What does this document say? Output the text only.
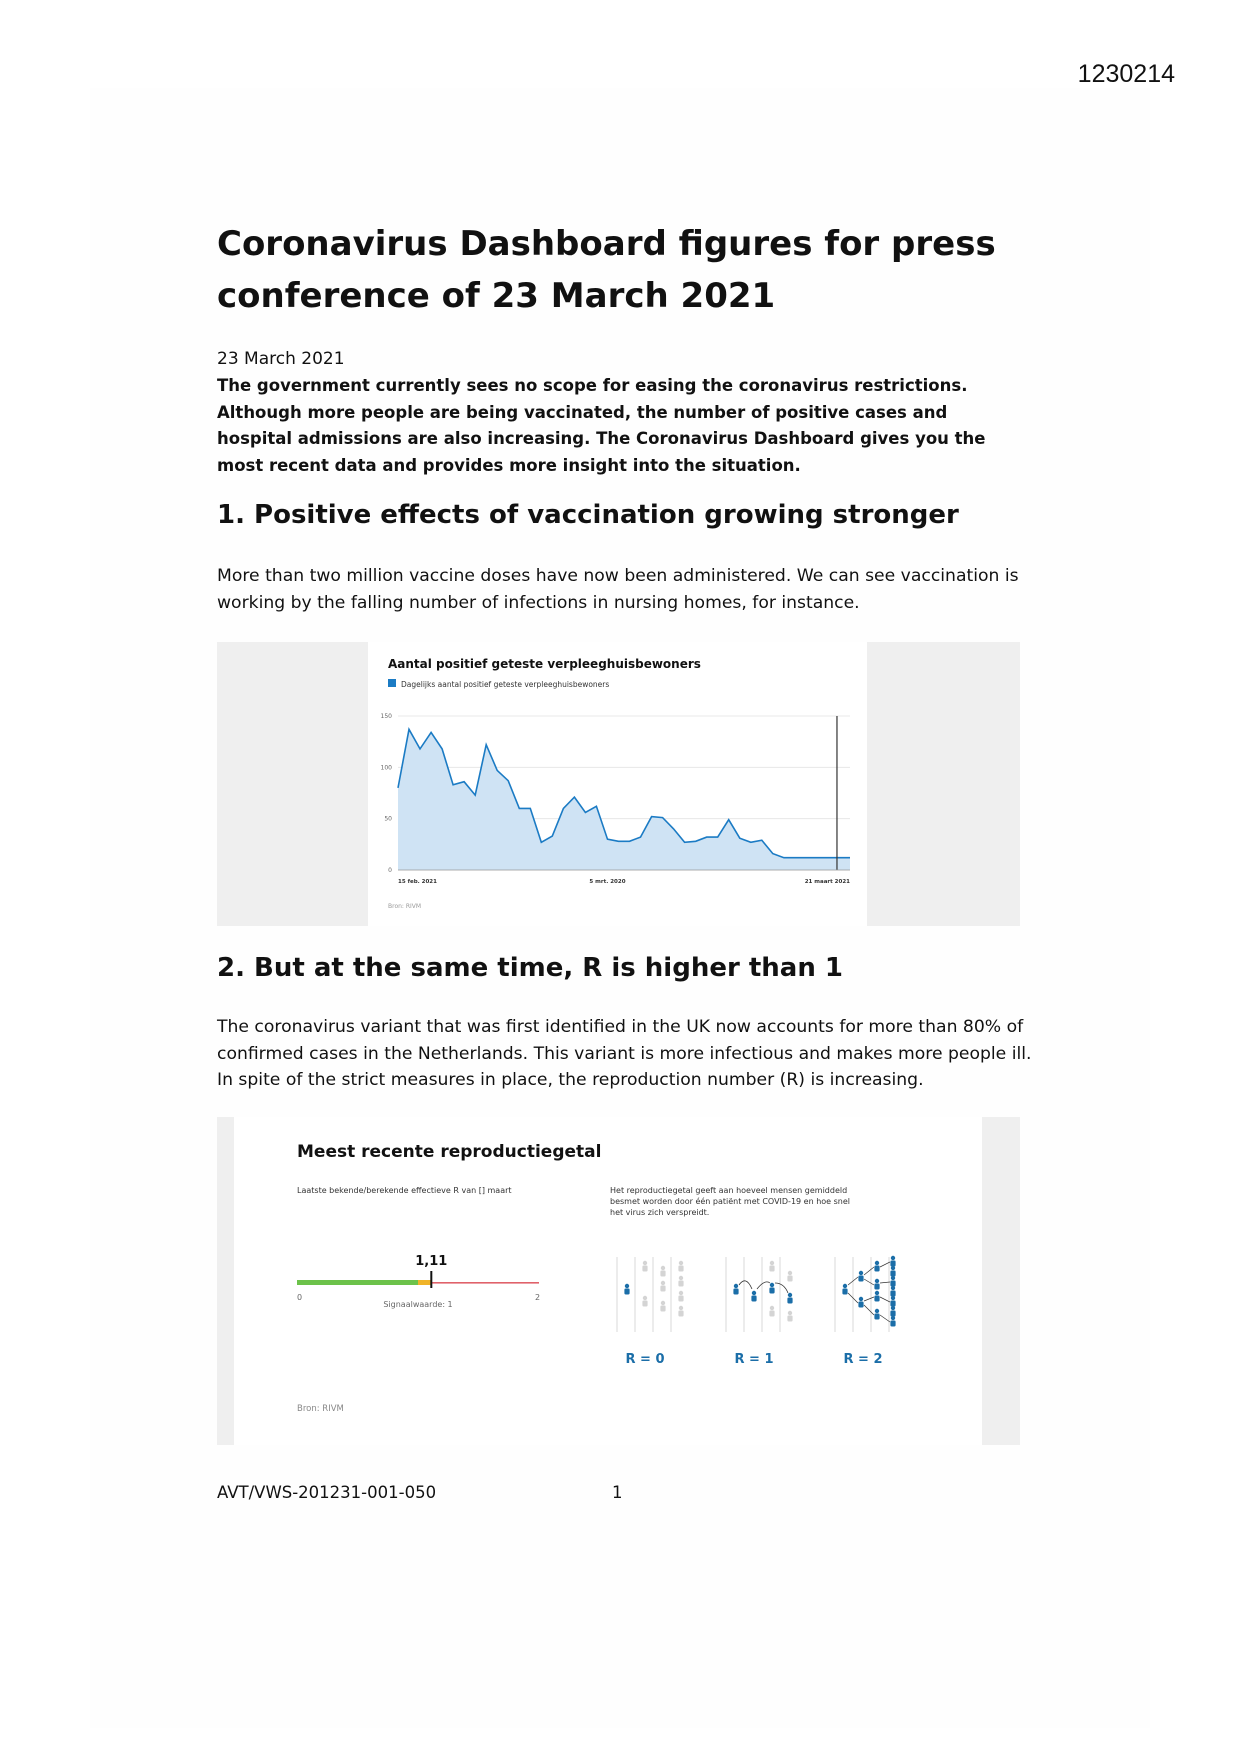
1230214
Coronavirus Dashboard figures for press conference of 23 March 2021
23 March 2021

The government currently sees no scope for easing the coronavirus restrictions. Although more people are being vaccinated, the number of positive cases and hospital admissions are also increasing. The Coronavirus Dashboard gives you the most recent data and provides more insight into the situation.

1. Positive effects of vaccination growing stronger

More than two million vaccine doses have now been administered. We can see vaccination is working by the falling number of infections in nursing homes, for instance.

Aantal positief geteste verpleeghuisbewoners
Dagelijks aantal positief geteste verpleeghuisbewoners
0
50
100
150
15 feb. 2021	5 mrt. 2020	21 maart 2021
Bron: RIVM
2. But at the same time, R is higher than 1

The coronavirus variant that was first identified in the UK now accounts for more than 80% of confirmed cases in the Netherlands. This variant is more infectious and makes more people ill. In spite of the strict measures in place, the reproduction number (R) is increasing.

Meest recente reproductiegetal
Laatste bekende/berekende effectieve R van [] maart
1,11
0	2
Signaalwaarde: 1
Het reproductiegetal geeft aan hoeveel mensen gemiddeld besmet worden door één patiënt met COVID-19 en hoe snel het virus zich verspreidt.
R = 0	R = 1	R = 2
Bron: RIVM
AVT/VWS-201231-001-050	1
